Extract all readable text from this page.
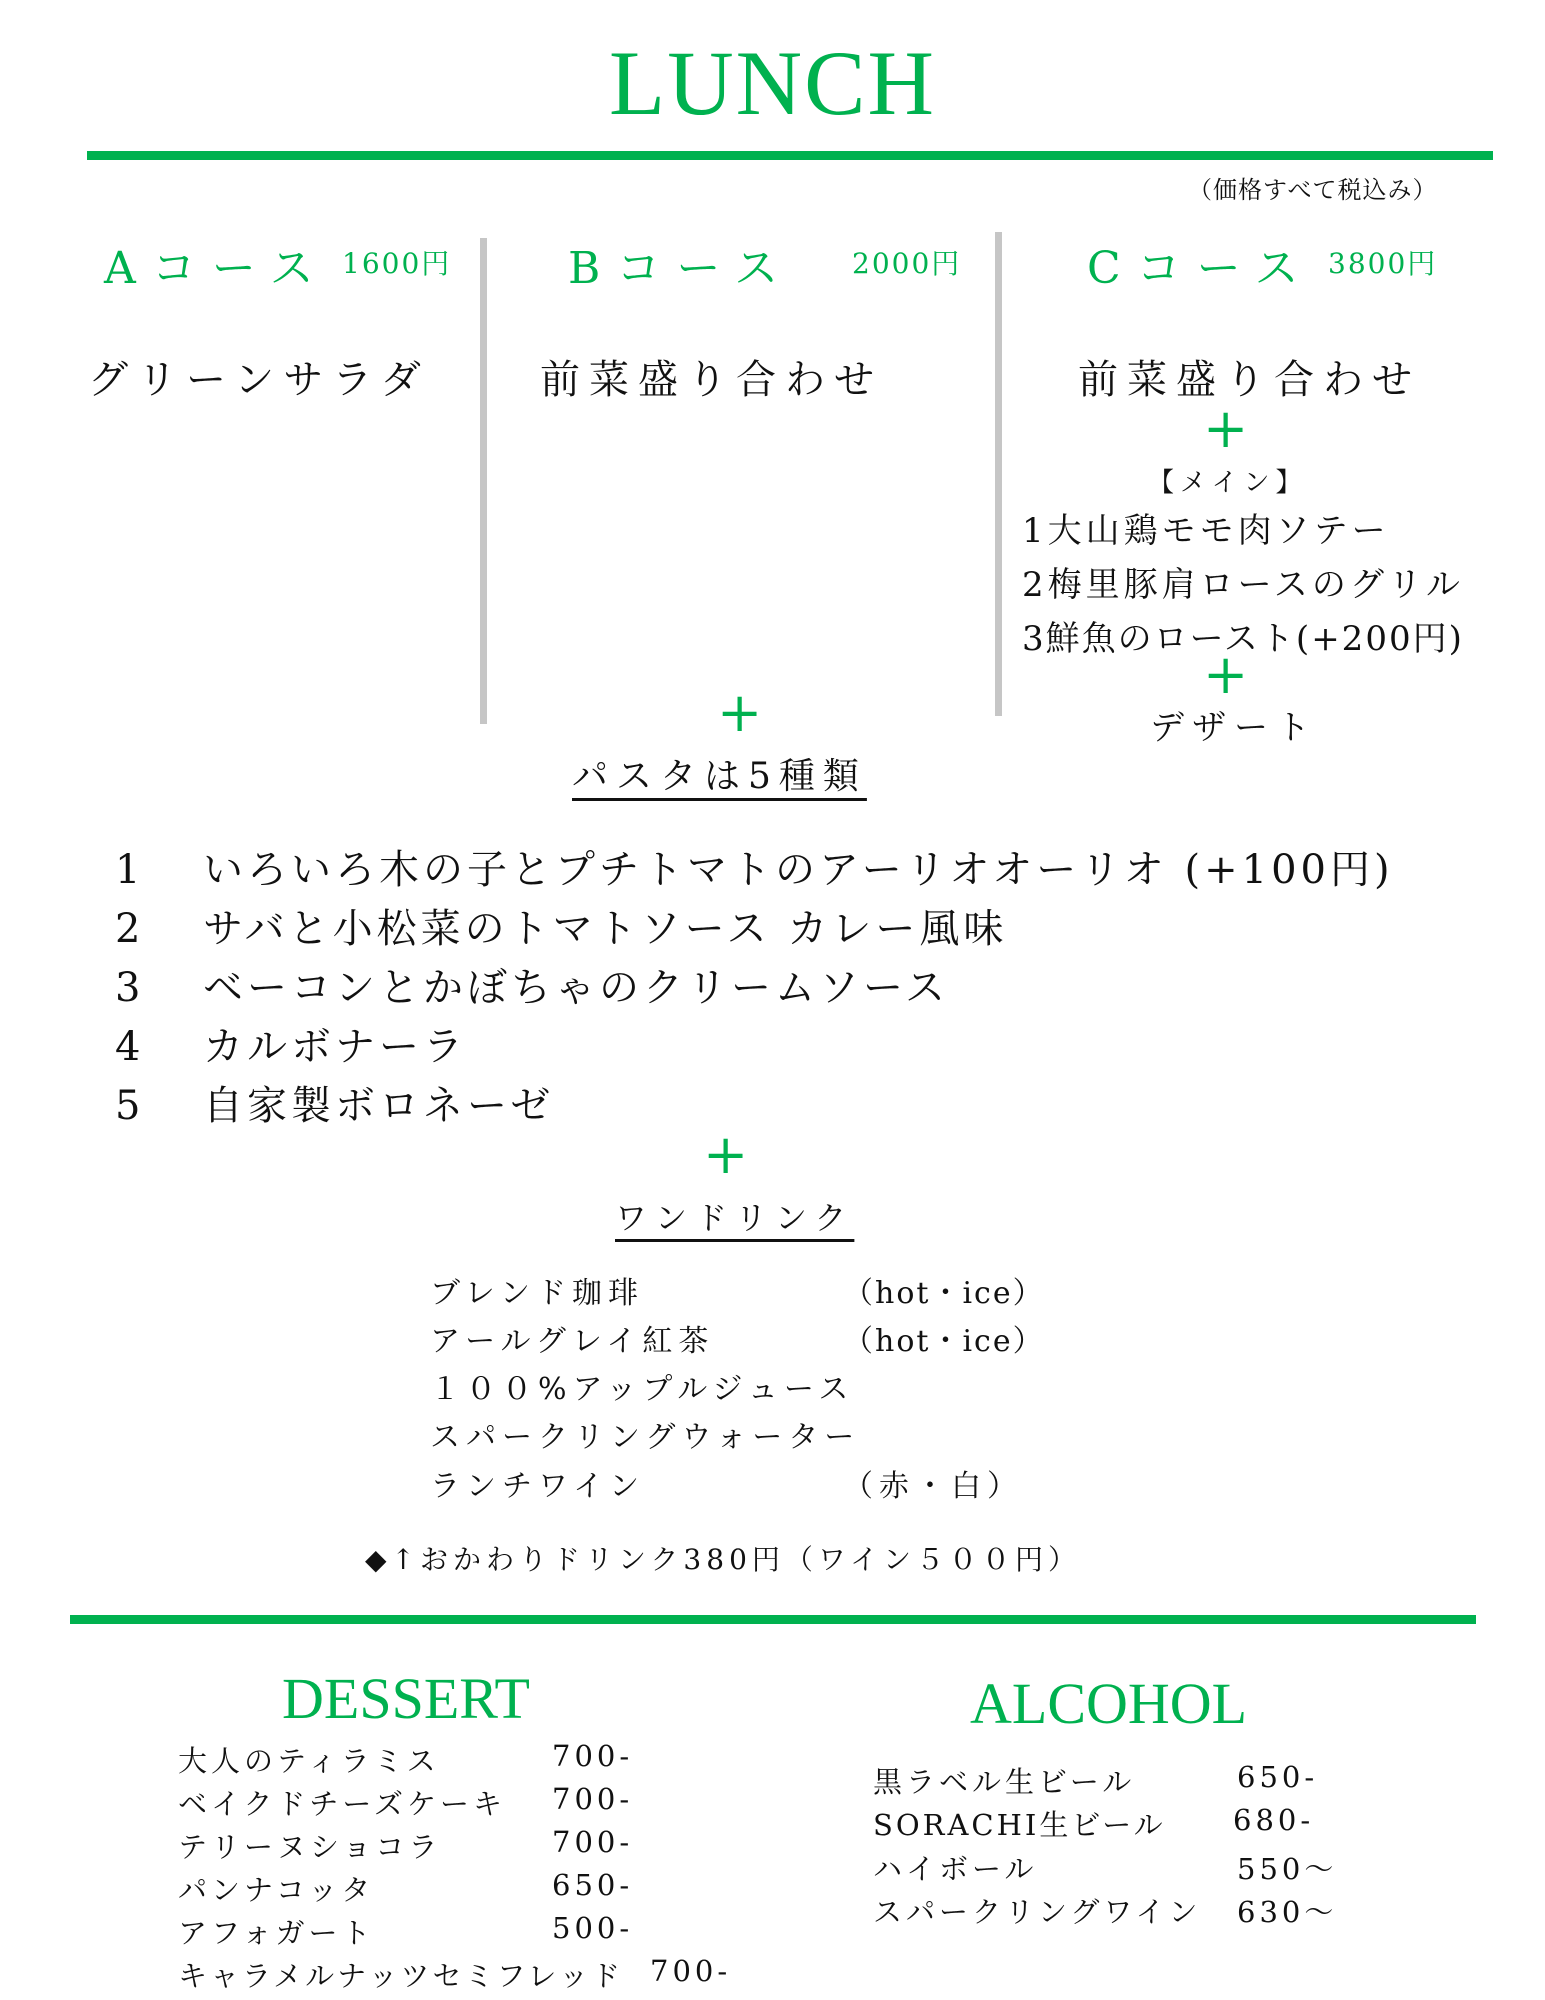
LUNCH
（価格すべて税込み）
Aコース 1600円
グリーンサラダ
Bコース 2000円
前菜盛り合わせ
Cコース 3800円
前菜盛り合わせ
+
【メイン】
1大山鶏モモ肉ソテー
2梅里豚肩ロースのグリル
3鮮魚のロースト(+200円)
+
デザート
+
パスタは5種類
1 いろいろ木の子とプチトマトのアーリオオーリオ (+100円)
2 サバと小松菜のトマトソース カレー風味
3 ベーコンとかぼちゃのクリームソース
4 カルボナーラ
5 自家製ボロネーゼ
+
ワンドリンク
ブレンド珈琲	（hot・ice）
アールグレイ紅茶	（hot・ice）
１００%アップルジュース
スパークリングウォーター
ランチワイン	（赤・白）
◆↑おかわりドリンク380円（ワイン５００円）
DESSERT
大人のティラミス	700-
ベイクドチーズケーキ 700-
テリーヌショコラ	700-
パンナコッタ	650-
アフォガート	500-
キャラメルナッツセミフレッド 700-
ALCOHOL
黒ラベル生ビール	650-
SORACHI生ビール 680-
ハイボール	550〜
スパークリングワイン 630〜
